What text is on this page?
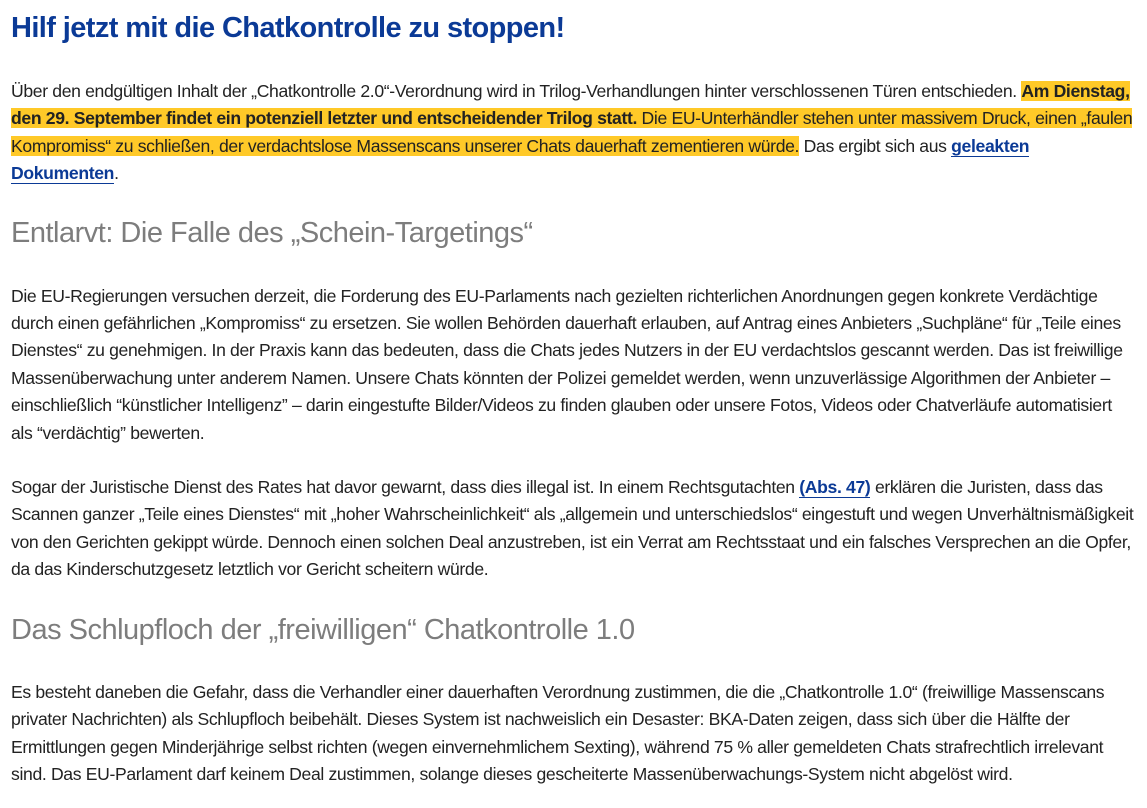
Hilf jetzt mit die Chatkontrolle zu stoppen!

Über den endgültigen Inhalt der „Chatkontrolle 2.0“-Verordnung wird in Trilog-Verhandlungen hinter verschlossenen Türen entschieden. Am Dienstag, den 29. September findet ein potenziell letzter und entscheidender Trilog statt. Die EU-Unterhändler stehen unter massivem Druck, einen „faulen Kompromiss“ zu schließen, der verdachtslose Massenscans unserer Chats dauerhaft zementieren würde. Das ergibt sich aus geleakten Dokumenten.

Entlarvt: Die Falle des „Schein-Targetings“

Die EU-Regierungen versuchen derzeit, die Forderung des EU-Parlaments nach gezielten richterlichen Anordnungen gegen konkrete Verdächtige durch einen gefährlichen „Kompromiss“ zu ersetzen. Sie wollen Behörden dauerhaft erlauben, auf Antrag eines Anbieters „Suchpläne“ für „Teile eines Dienstes“ zu genehmigen. In der Praxis kann das bedeuten, dass die Chats jedes Nutzers in der EU verdachtslos gescannt werden. Das ist freiwillige Massenüberwachung unter anderem Namen. Unsere Chats könnten der Polizei gemeldet werden, wenn unzuverlässige Algorithmen der Anbieter – einschließlich “künstlicher Intelligenz” – darin eingestufte Bilder/Videos zu finden glauben oder unsere Fotos, Videos oder Chatverläufe automatisiert als “verdächtig” bewerten.

Sogar der Juristische Dienst des Rates hat davor gewarnt, dass dies illegal ist. In einem Rechtsgutachten (Abs. 47) erklären die Juristen, dass das Scannen ganzer „Teile eines Dienstes“ mit „hoher Wahrscheinlichkeit“ als „allgemein und unterschiedslos“ eingestuft und wegen Unverhältnismäßigkeit von den Gerichten gekippt würde. Dennoch einen solchen Deal anzustreben, ist ein Verrat am Rechtsstaat und ein falsches Versprechen an die Opfer, da das Kinderschutzgesetz letztlich vor Gericht scheitern würde.

Das Schlupfloch der „freiwilligen“ Chatkontrolle 1.0

Es besteht daneben die Gefahr, dass die Verhandler einer dauerhaften Verordnung zustimmen, die die „Chatkontrolle 1.0“ (freiwillige Massenscans privater Nachrichten) als Schlupfloch beibehält. Dieses System ist nachweislich ein Desaster: BKA-Daten zeigen, dass sich über die Hälfte der Ermittlungen gegen Minderjährige selbst richten (wegen einvernehmlichem Sexting), während 75 % aller gemeldeten Chats strafrechtlich irrelevant sind. Das EU-Parlament darf keinem Deal zustimmen, solange dieses gescheiterte Massenüberwachungs-System nicht abgelöst wird.
